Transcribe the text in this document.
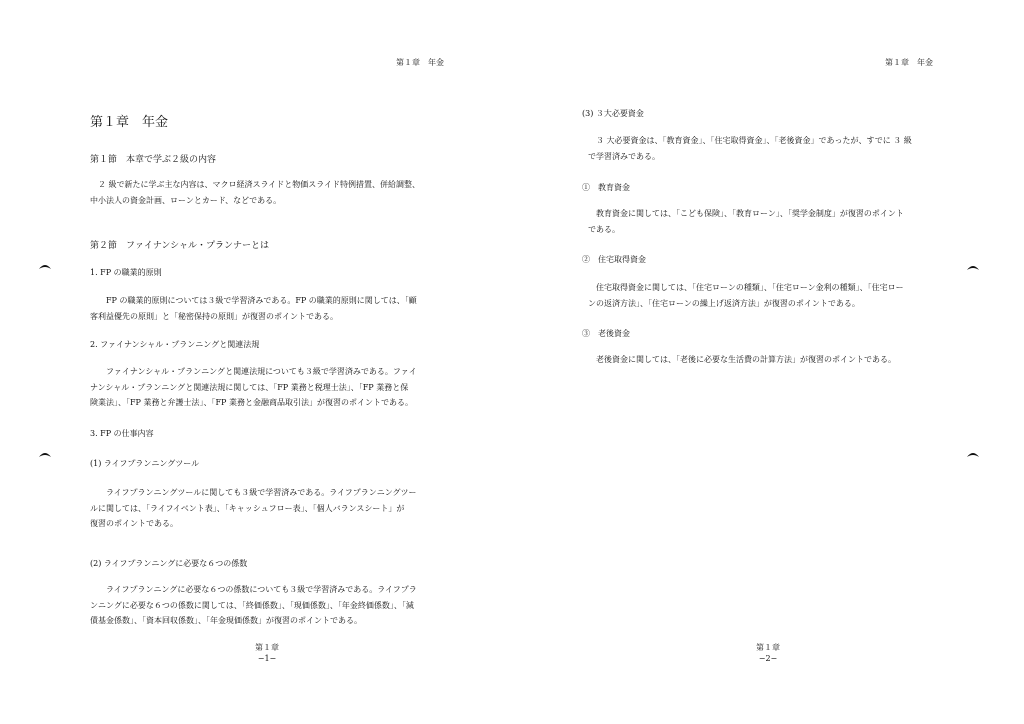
第１章　年金
第１章　年金
第１節　本章で学ぶ２級の内容
２ 級で新たに学ぶ主な内容は、マクロ経済スライドと物価スライド特例措置、併給調整、
中小法人の資金計画、ローンとカード、などである。
第２節　ファイナンシャル・プランナーとは
1. FP の職業的原則
FP の職業的原則については３級で学習済みである。FP の職業的原則に関しては、「顧
客利益優先の原則」と「秘密保持の原則」が復習のポイントである。
2. ファイナンシャル・プランニングと関連法規
ファイナンシャル・プランニングと関連法規についても３級で学習済みである。ファイ
ナンシャル・プランニングと関連法規に関しては、「FP 業務と税理士法」、「FP 業務と保
険業法」、「FP 業務と弁護士法」、「FP 業務と金融商品取引法」が復習のポイントである。
3. FP の仕事内容
(1) ライフプランニングツール
ライフプランニングツールに関しても３級で学習済みである。ライフプランニングツー
ルに関しては、「ライフイベント表」、「キャッシュフロー表」、「個人バランスシート」が
復習のポイントである。
(2) ライフプランニングに必要な６つの係数
ライフプランニングに必要な６つの係数についても３級で学習済みである。ライフプラ
ンニングに必要な６つの係数に関しては、「終価係数」、「現価係数」、「年金終価係数」、「減
債基金係数」、「資本回収係数」、「年金現価係数」が復習のポイントである。
第１章
−1−
第１章　年金
(3) ３大必要資金
３ 大必要資金は、「教育資金」、「住宅取得資金」、「老後資金」であったが、すでに ３ 級
で学習済みである。
①　教育資金
教育資金に関しては、「こども保険」、「教育ローン」、「奨学金制度」が復習のポイント
である。
②　住宅取得資金
住宅取得資金に関しては、「住宅ローンの種類」、「住宅ローン金利の種類」、「住宅ロー
ンの返済方法」、「住宅ローンの繰上げ返済方法」が復習のポイントである。
③　老後資金
老後資金に関しては、「老後に必要な生活費の計算方法」が復習のポイントである。
第１章
−2−
